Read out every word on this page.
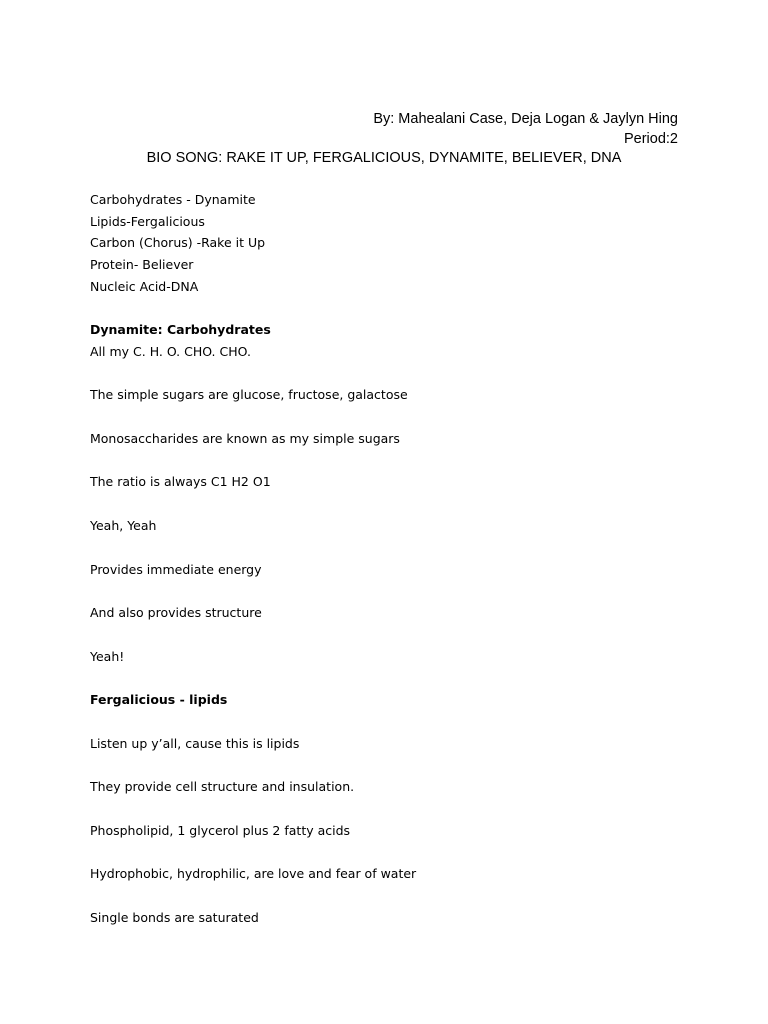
By: Mahealani Case, Deja Logan & Jaylyn Hing

Period:2

BIO SONG: RAKE IT UP, FERGALICIOUS, DYNAMITE, BELIEVER, DNA

Carbohydrates - Dynamite

Lipids-Fergalicious

Carbon (Chorus) -Rake it Up

Protein- Believer

Nucleic Acid-DNA

Dynamite: Carbohydrates

All my C. H. O. CHO. CHO.

The simple sugars are glucose, fructose, galactose

Monosaccharides are known as my simple sugars

The ratio is always C1 H2 O1

Yeah, Yeah

Provides immediate energy

And also provides structure

Yeah!

Fergalicious - lipids

Listen up y’all, cause this is lipids

They provide cell structure and insulation.

Phospholipid, 1 glycerol plus 2 fatty acids

Hydrophobic, hydrophilic, are love and fear of water

Single bonds are saturated
